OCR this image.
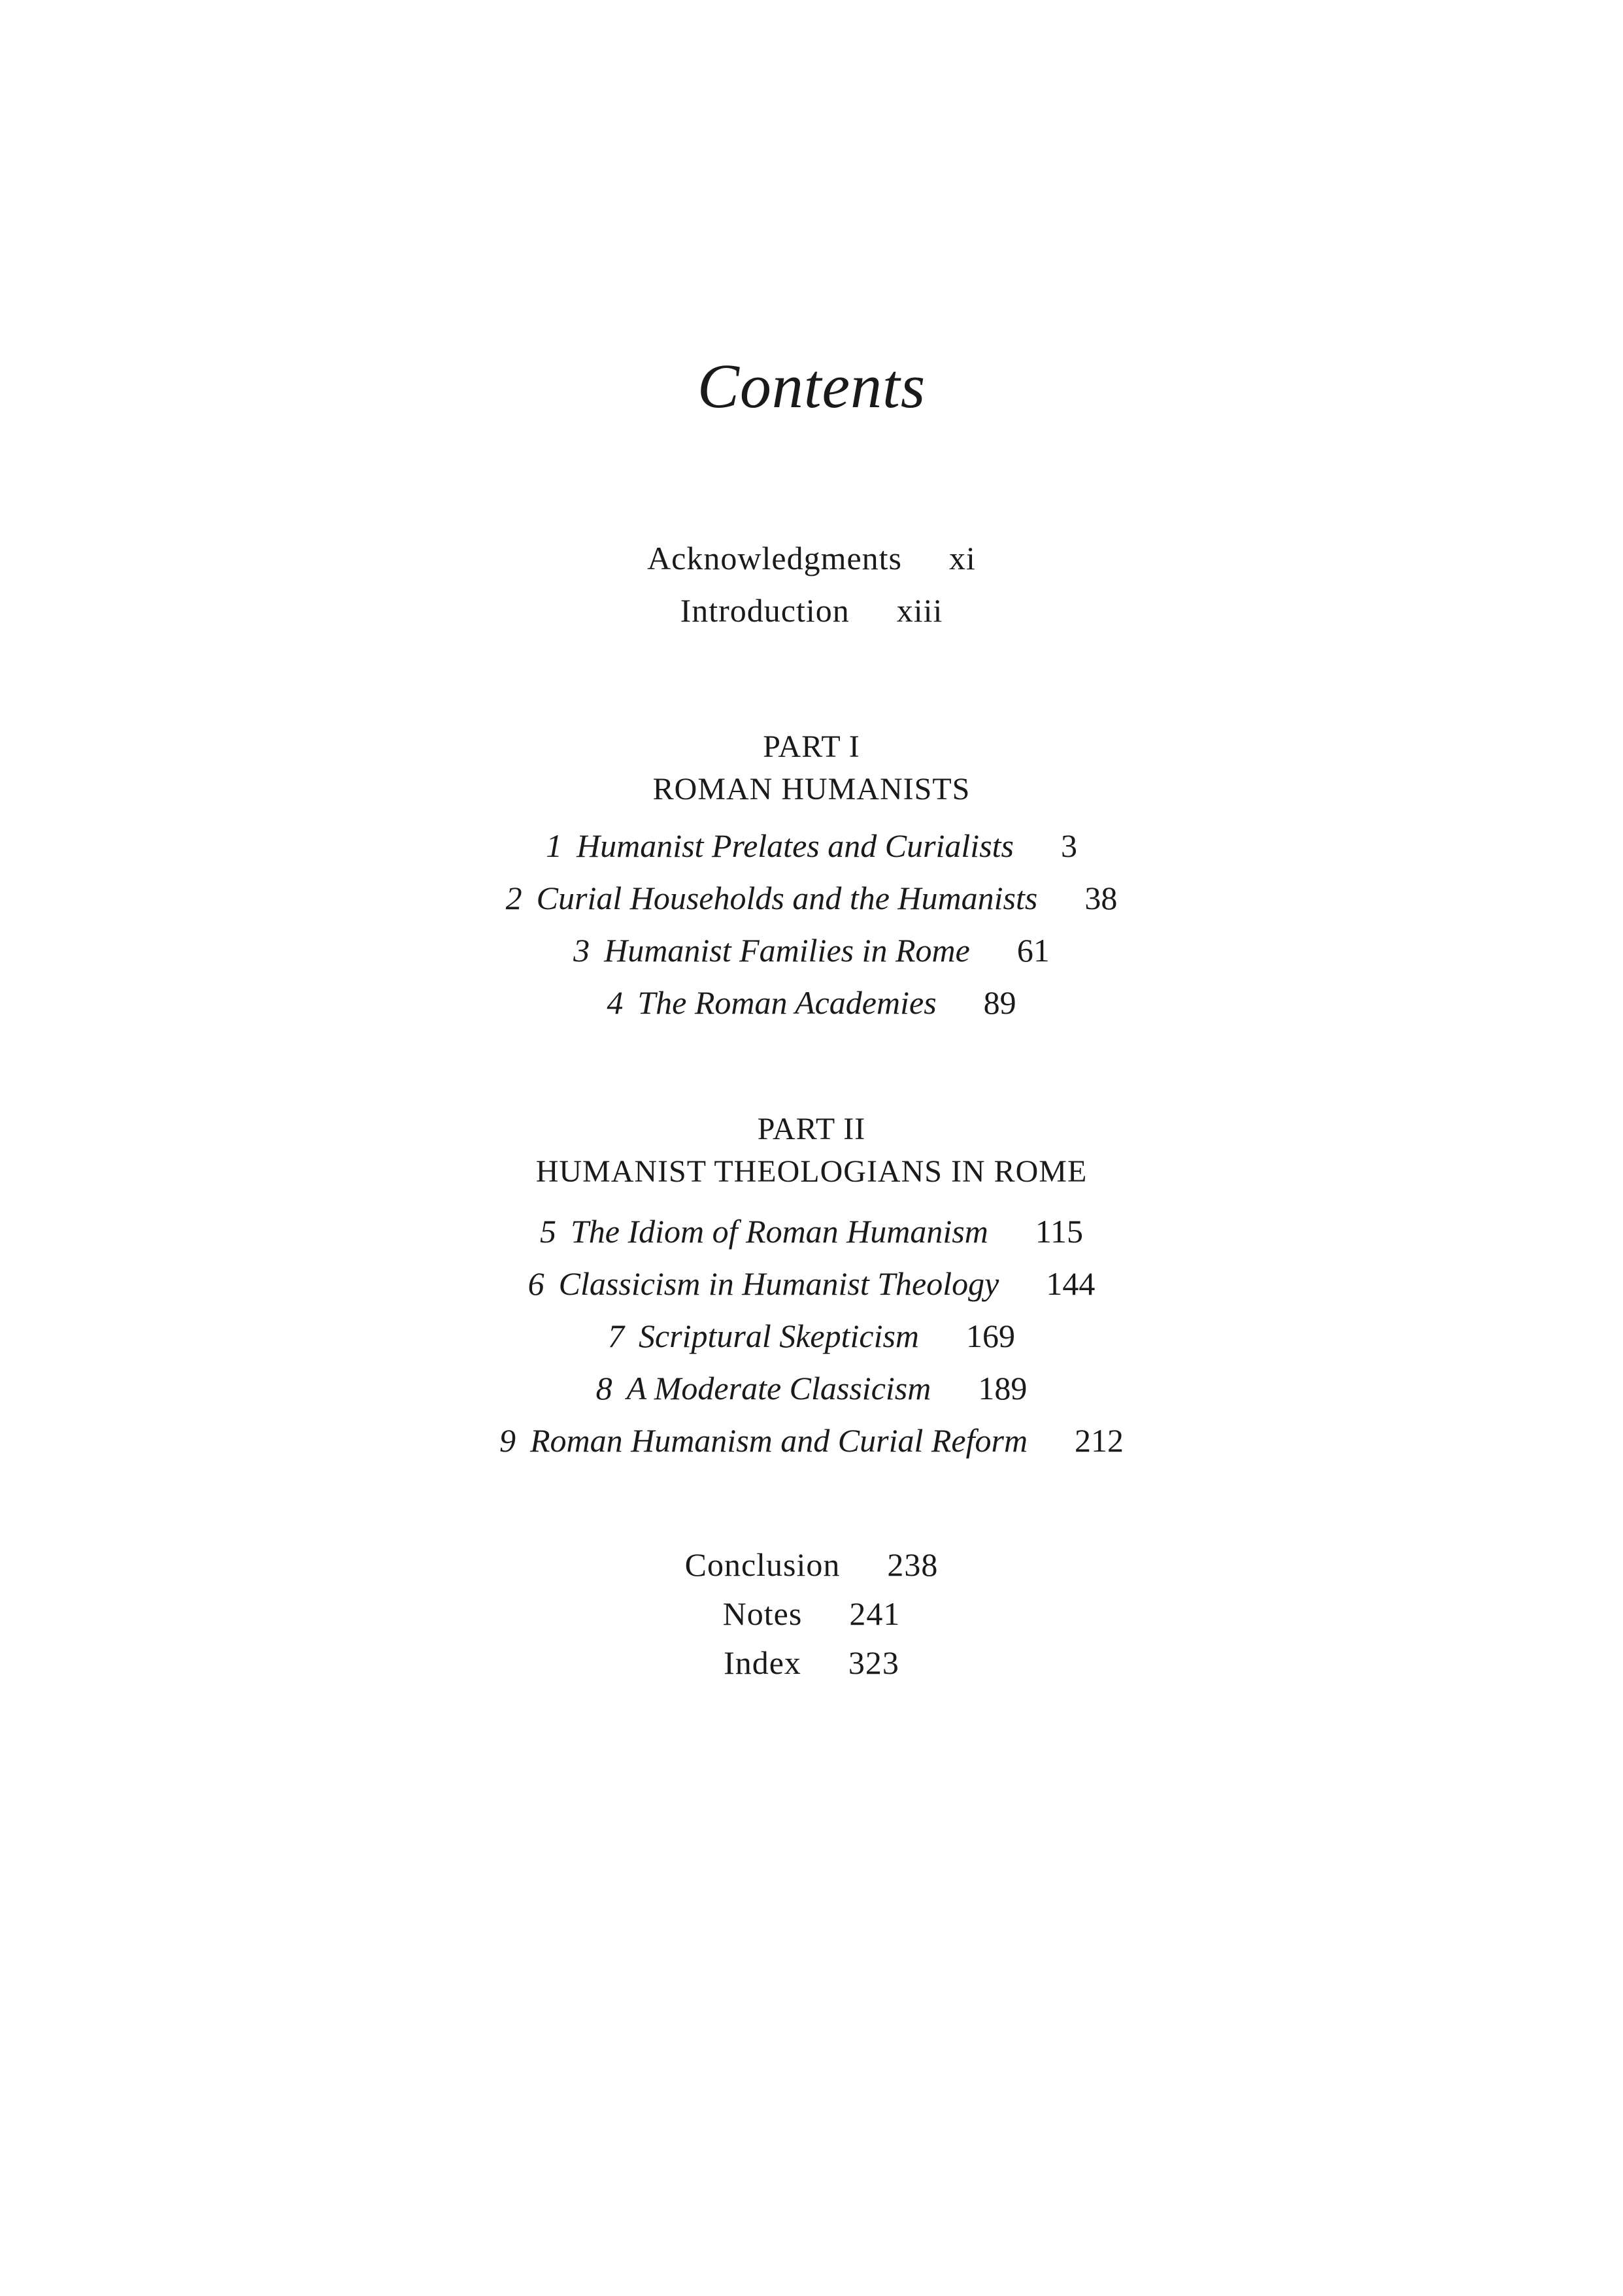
Contents
Acknowledgments xi
Introduction xiii
PART I
ROMAN HUMANISTS
1 Humanist Prelates and Curialists 3
2 Curial Households and the Humanists 38
3 Humanist Families in Rome 61
4 The Roman Academies 89
PART II
HUMANIST THEOLOGIANS IN ROME
5 The Idiom of Roman Humanism 115
6 Classicism in Humanist Theology 144
7 Scriptural Skepticism 169
8 A Moderate Classicism 189
9 Roman Humanism and Curial Reform 212
Conclusion 238
Notes 241
Index 323
